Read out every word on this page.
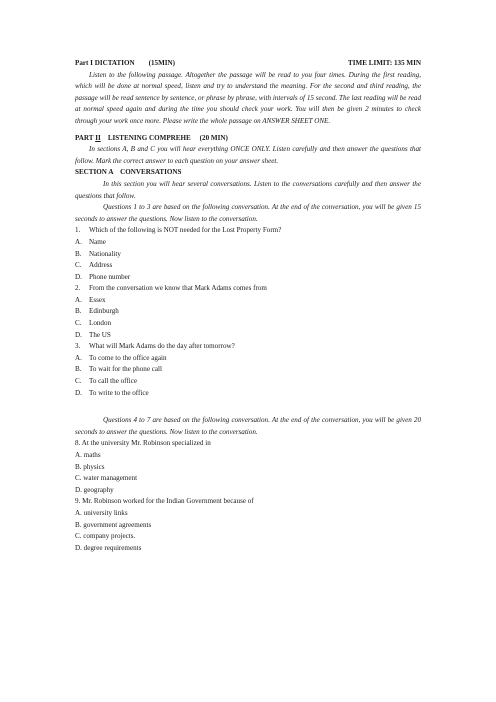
Part I DICTATION (15MIN)	TIME LIMIT: 135 MIN

Listen to the following passage. Altogether the passage will be read to you four times. During the first reading, which will be done at normal speed, listen and try to understand the meaning. For the second and third reading, the passage will be read sentence by sentence, or phrase by phrase, with intervals of 15 second. The last reading will be read at normal speed again and during the time you should check your work. You will then be given 2 minutes to check through your work once more. Please write the whole passage on ANSWER SHEET ONE.

PART II LISTENING COMPREHE (20 MIN)

In sections A, B and C you will hear everything ONCE ONLY. Listen carefully and then answer the questions that follow. Mark the correct answer to each question on your answer sheet.

SECTION A    CONVERSATIONS

In this section you will hear several conversations. Listen to the conversations carefully and then answer the questions that follow.

Questions 1 to 3 are based on the following conversation. At the end of the conversation, you will be given 15 seconds to answer the questions. Now listen to the conversation.

1. Which of the following is NOT needed for the Lost Property Form?

A. Name

B. Nationality

C. Address

D. Phone number

2. From the conversation we know that Mark Adams comes from

A. Essex

B. Edinburgh

C. London

D. The US

3. What will Mark Adams do the day after tomorrow?

A. To come to the office again

B. To wait for the phone call

C. To call the office

D. To write to the office

Questions 4 to 7 are based on the following conversation. At the end of the conversation, you will be given 20 seconds to answer the questions. Now listen to the conversation.

8. At the university Mr. Robinson specialized in

A. maths

B. physics

C. water management

D. geography

9. Mr. Robinson worked for the Indian Government because of

A. university links

B. government agreements

C. company projects.

D. degree requirements
